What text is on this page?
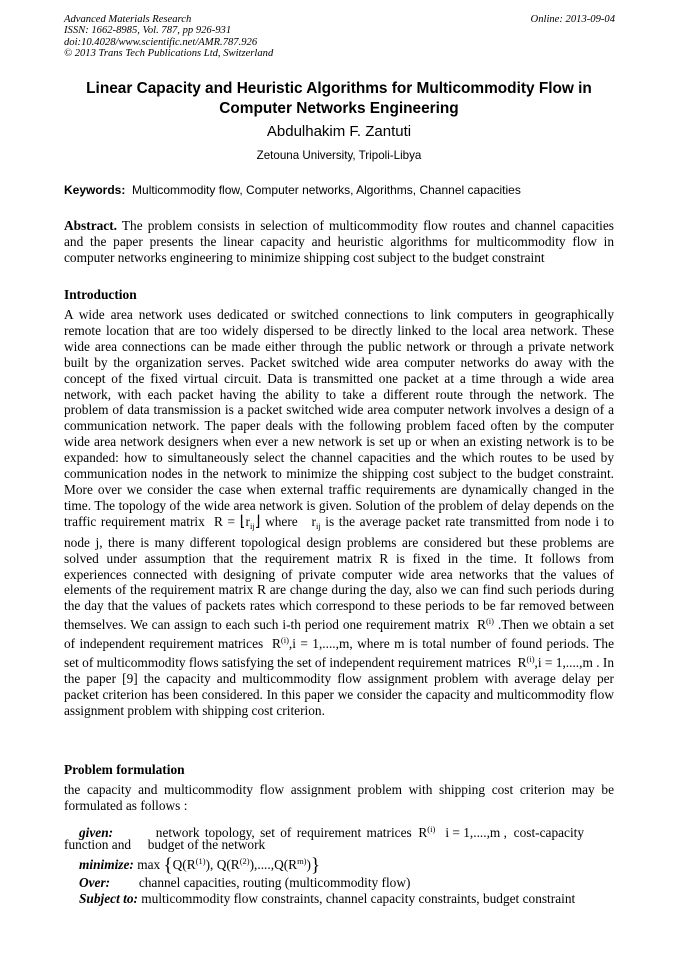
Advanced Materials Research
ISSN: 1662-8985, Vol. 787, pp 926-931
doi:10.4028/www.scientific.net/AMR.787.926
© 2013 Trans Tech Publications Ltd, Switzerland
Online: 2013-09-04
Linear Capacity and Heuristic Algorithms for Multicommodity Flow in
Computer Networks Engineering
Abdulhakim F. Zantuti
Zetouna University, Tripoli-Libya
Keywords: Multicommodity flow, Computer networks, Algorithms, Channel capacities
Abstract. The problem consists in selection of multicommodity flow routes and channel capacities and the paper presents the linear capacity and heuristic algorithms for multicommodity flow in computer networks engineering to minimize shipping cost subject to the budget constraint
Introduction
A wide area network uses dedicated or switched connections to link computers in geographically remote location that are too widely dispersed to be directly linked to the local area network. These wide area connections can be made either through the public network or through a private network built by the organization serves. Packet switched wide area computer networks do away with the concept of the fixed virtual circuit. Data is transmitted one packet at a time through a wide area network, with each packet having the ability to take a different route through the network. The problem of data transmission is a packet switched wide area computer network involves a design of a communication network. The paper deals with the following problem faced often by the computer wide area network designers when ever a new network is set up or when an existing network is to be expanded: how to simultaneously select the channel capacities and the which routes to be used by communication nodes in the network to minimize the shipping cost subject to the budget constraint. More over we consider the case when external traffic requirements are dynamically changed in the time. The topology of the wide area network is given. Solution of the problem of delay depends on the traffic requirement matrix $R = ⌊r_{ij}⌋$ where $r_{ij}$ is the average packet rate transmitted from node i to node j, there is many different topological design problems are considered but these problems are solved under assumption that the requirement matrix R is fixed in the time. It follows from experiences connected with designing of private computer wide area networks that the values of elements of the requirement matrix R are change during the day, also we can find such periods during the day that the values of packets rates which correspond to these periods to be far removed between themselves. We can assign to each such i-th period one requirement matrix $R^{(i)}$ .Then we obtain a set of independent requirement matrices $R^{(i)},i = 1,....,m$, where m is total number of found periods. The set of multicommodity flows satisfying the set of independent requirement matrices $R^{(i)},i = 1,....,m$ . In the paper [9] the capacity and multicommodity flow assignment problem with average delay per packet criterion has been considered. In this paper we consider the capacity and multicommodity flow assignment problem with shipping cost criterion.
Problem formulation
the capacity and multicommodity flow assignment problem with shipping cost criterion may be formulated as follows :
given:	network topology, set of requirement matrices $R^{(i)}$ i = 1,....,m , cost-capacity
function and     budget of the network
minimize: $\max \{Q(R^{(1)})$, $Q(R^{(2)}),....,Q(R^{m)})$}
Over: channel capacities, routing (multicommodity flow)
Subject to: multicommodity flow constraints, channel capacity constraints, budget constraint
